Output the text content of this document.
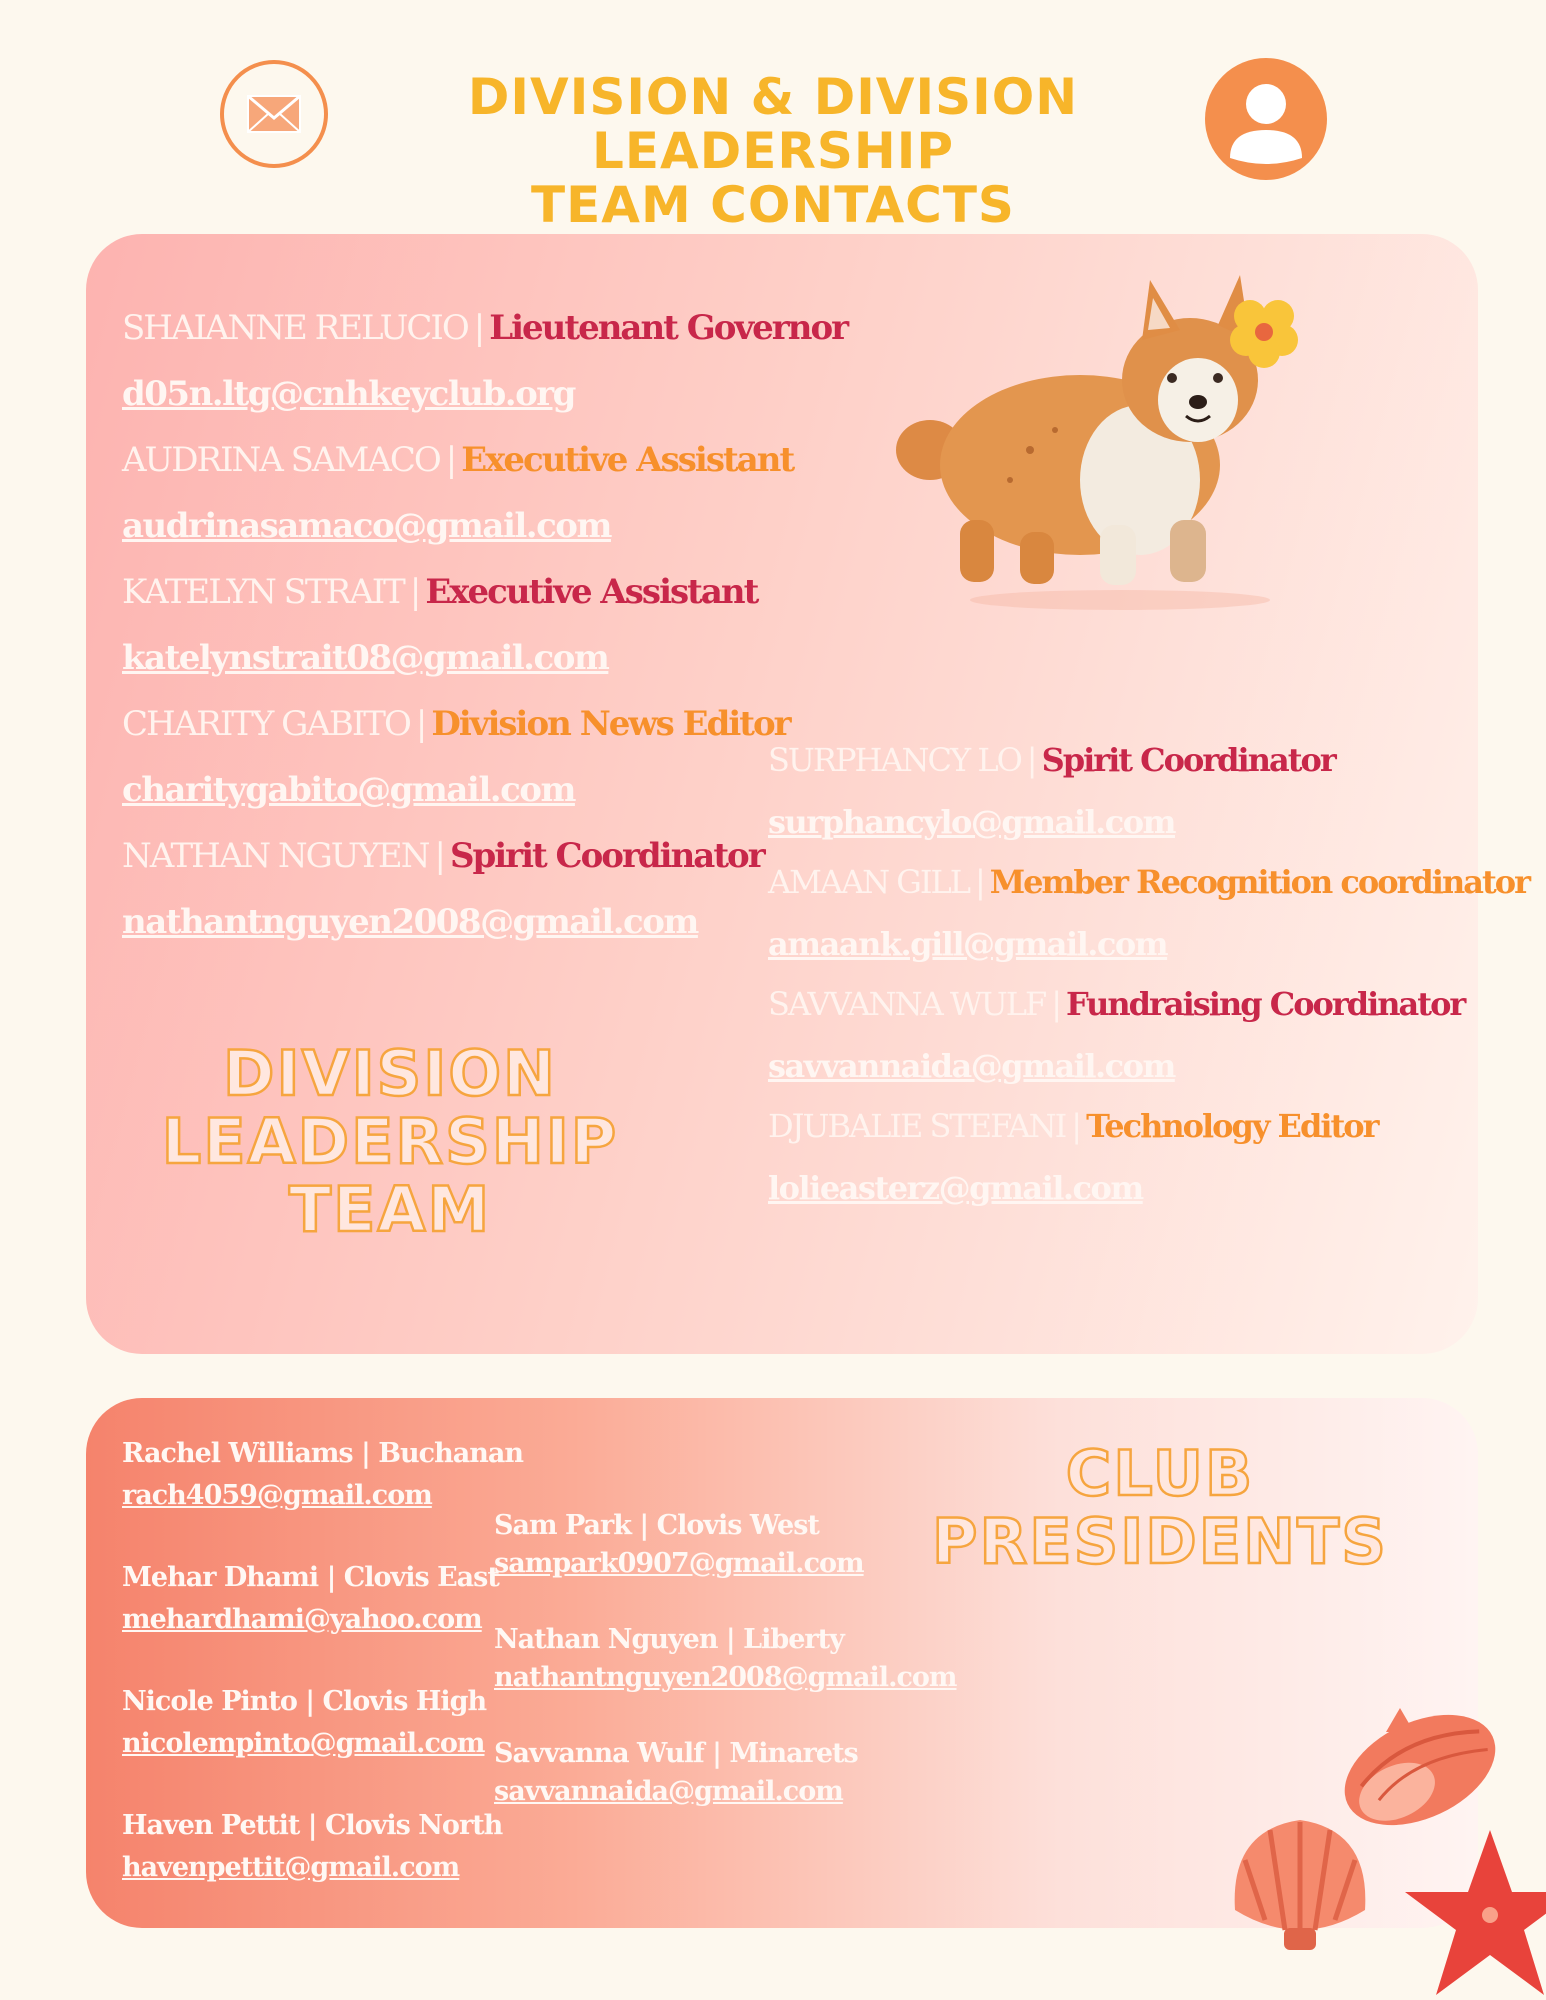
DIVISION & DIVISION LEADERSHIP
TEAM CONTACTS
SHAIANNE RELUCIO | Lieutenant Governor
d05n.ltg@cnhkeyclub.org
AUDRINA SAMACO | Executive Assistant
audrinasamaco@gmail.com
KATELYN STRAIT | Executive Assistant
katelynstrait08@gmail.com
CHARITY GABITO | Division News Editor
charitygabito@gmail.com
NATHAN NGUYEN | Spirit Coordinator
nathantnguyen2008@gmail.com
SURPHANCY LO | Spirit Coordinator
surphancylo@gmail.com
AMAAN GILL | Member Recognition coordinator
amaank.gill@gmail.com
SAVVANNA WULF | Fundraising Coordinator
savvannaida@gmail.com
DJUBALIE STEFANI | Technology Editor
lolieasterz@gmail.com
DIVISION
LEADERSHIP
TEAM
CLUB
PRESIDENTS
Rachel Williams | Buchanan
rach4059@gmail.com
Mehar Dhami | Clovis East
mehardhami@yahoo.com
Nicole Pinto | Clovis High
nicolempinto@gmail.com
Haven Pettit | Clovis North
havenpettit@gmail.com
Sam Park | Clovis West
sampark0907@gmail.com
Nathan Nguyen | Liberty
nathantnguyen2008@gmail.com
Savvanna Wulf | Minarets
savvannaida@gmail.com
